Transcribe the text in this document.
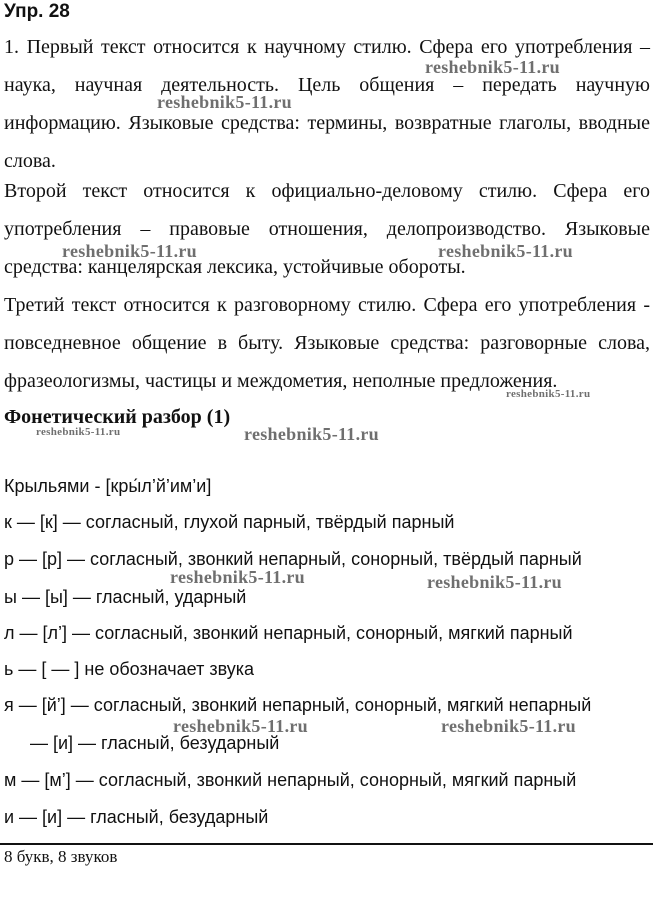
Упр. 28
1. Первый текст относится к научному стилю. Сфера его употребления – наука, научная деятельность. Цель общения – передать научную информацию. Языковые средства: термины, возвратные глаголы, вводные слова.
Второй текст относится к официально-деловому стилю. Сфера его употребления – правовые отношения, делопроизводство. Языковые средства: канцелярская лексика, устойчивые обороты.
Третий текст относится к разговорному стилю. Сфера его употребления - повседневное общение в быту. Языковые средства: разговорные слова, фразеологизмы, частицы и междометия, неполные предложения.
Фонетический разбор (1)
Крыльями - [кры́л’й’им’и]
к — [к] — согласный, глухой парный, твёрдый парный
р — [р] — согласный, звонкий непарный, сонорный, твёрдый парный
ы — [ы] — гласный, ударный
л — [л’] — согласный, звонкий непарный, сонорный, мягкий парный
ь — [ — ] не обозначает звука
я — [й’] — согласный, звонкий непарный, сонорный, мягкий непарный
— [и] — гласный, безударный
м — [м’] — согласный, звонкий непарный, сонорный, мягкий парный
и — [и] — гласный, безударный
8 букв, 8 звуков
reshebnik5-11.ru
reshebnik5-11.ru
reshebnik5-11.ru	reshebnik5-11.ru
reshebnik5-11.ru
reshebnik5-11.ru	reshebnik5-11.ru
reshebnik5-11.ru	reshebnik5-11.ru
reshebnik5-11.ru	reshebnik5-11.ru
